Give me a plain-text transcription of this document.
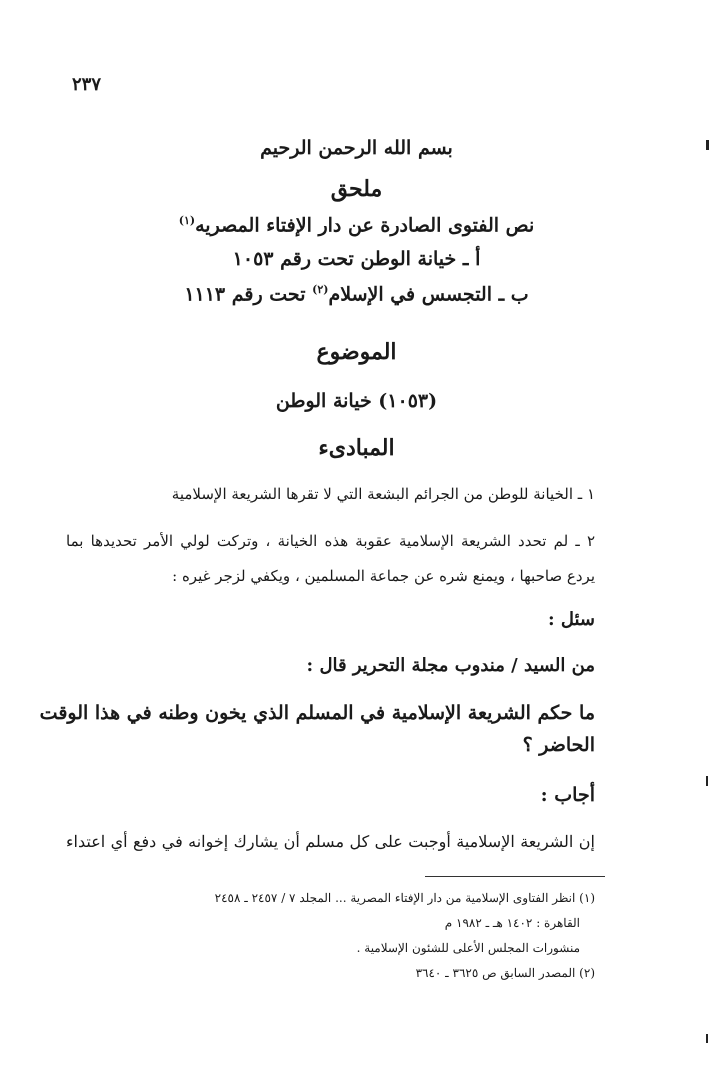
٢٣٧
بسم الله الرحمن الرحيم
ملحق
نص الفتوى الصادرة عن دار الإفتاء المصريه$^{(١)}$
أ ـ خيانة الوطن تحت رقم ١٠٥٣
ب ـ التجسس في الإسلام$^{(٢)}$ تحت رقم ١١١٣
الموضوع
(١٠٥٣) خيانة الوطن
المبادىء
١ ـ الخيانة للوطن من الجرائم البشعة التي لا تقرها الشريعة الإسلامية
٢ ـ لم تحدد الشريعة الإسلامية عقوبة هذه الخيانة ، وتركت لولي الأمر تحديدها بما
يردع صاحبها ، ويمنع شره عن جماعة المسلمين ، ويكفي لزجر غيره :
سئل :
من السيد / مندوب مجلة التحرير قال :
ما حكم الشريعة الإسلامية في المسلم الذي يخون وطنه في هذا الوقت
الحاضر ؟
أجاب :
إن الشريعة الإسلامية أوجبت على كل مسلم أن يشارك إخوانه في دفع أي اعتداء
(١) انظر الفتاوى الإسلامية من دار الإفتاء المصرية ... المجلد ٧ / ٢٤٥٧ ـ ٢٤٥٨
القاهرة : ١٤٠٢ هـ ـ ١٩٨٢ م
منشورات المجلس الأعلى للشئون الإسلامية .
(٢) المصدر السابق ص ٣٦٢٥ ـ ٣٦٤٠
